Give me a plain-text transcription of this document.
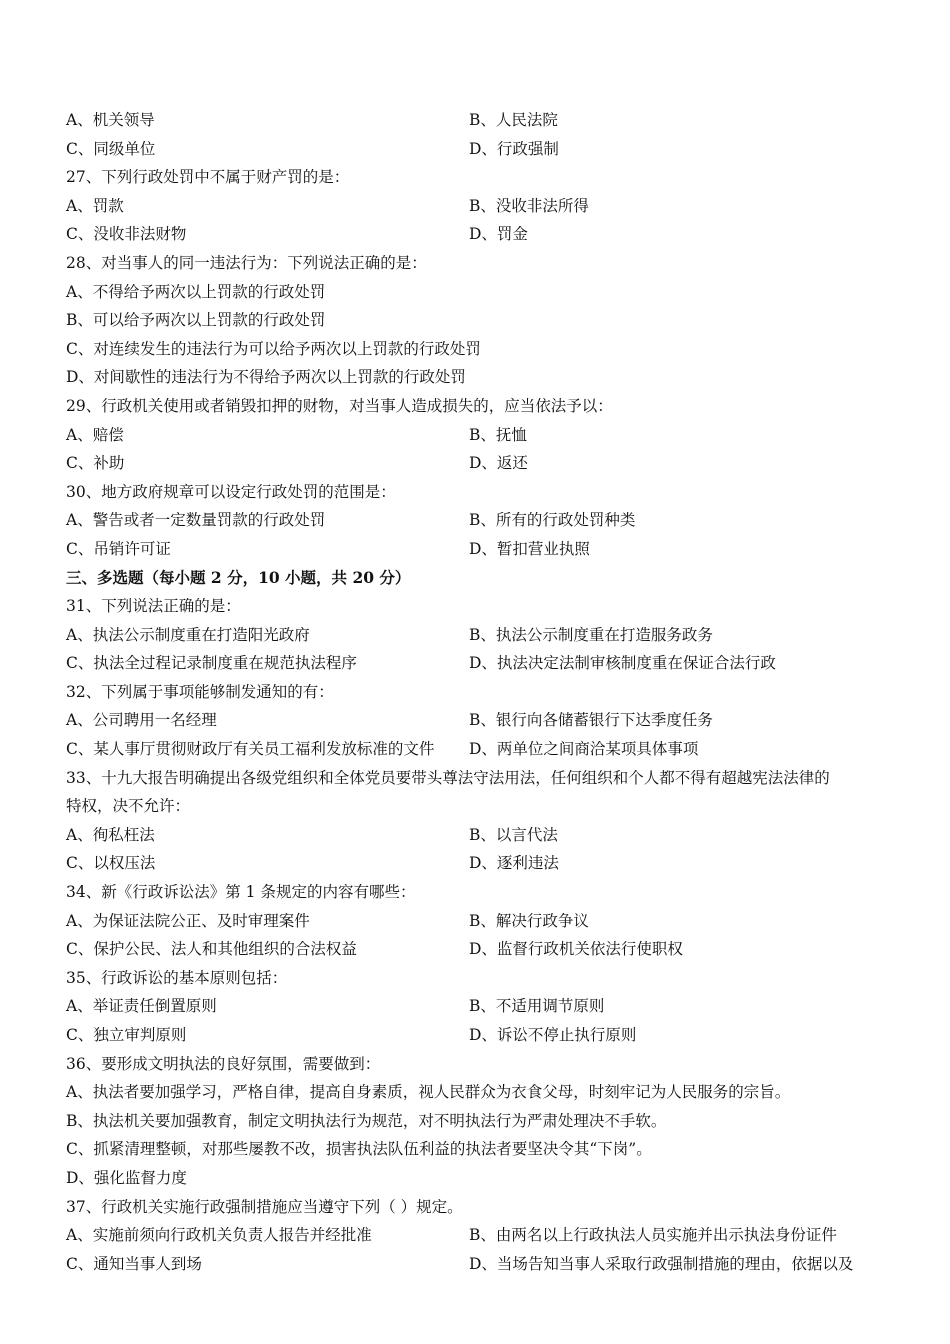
A、机关领导	B、人民法院
C、同级单位	D、行政强制
27、下列行政处罚中不属于财产罚的是：
A、罚款	B、没收非法所得
C、没收非法财物	D、罚金
28、对当事人的同一违法行为：下列说法正确的是：
A、不得给予两次以上罚款的行政处罚
B、可以给予两次以上罚款的行政处罚
C、对连续发生的违法行为可以给予两次以上罚款的行政处罚
D、对间歇性的违法行为不得给予两次以上罚款的行政处罚
29、行政机关使用或者销毁扣押的财物，对当事人造成损失的，应当依法予以：
A、赔偿	B、抚恤
C、补助	D、返还
30、地方政府规章可以设定行政处罚的范围是：
A、警告或者一定数量罚款的行政处罚	B、所有的行政处罚种类
C、吊销许可证	D、暂扣营业执照
三、多选题（每小题 2 分，10 小题，共 20 分）
31、下列说法正确的是：
A、执法公示制度重在打造阳光政府	B、执法公示制度重在打造服务政务
C、执法全过程记录制度重在规范执法程序	D、执法决定法制审核制度重在保证合法行政
32、下列属于事项能够制发通知的有：
A、公司聘用一名经理	B、银行向各储蓄银行下达季度任务
C、某人事厅贯彻财政厅有关员工福利发放标准的文件	D、两单位之间商洽某项具体事项
33、十九大报告明确提出各级党组织和全体党员要带头尊法守法用法，任何组织和个人都不得有超越宪法法律的
特权，决不允许：
A、徇私枉法	B、以言代法
C、以权压法	D、逐利违法
34、新《行政诉讼法》第 1 条规定的内容有哪些：
A、为保证法院公正、及时审理案件	B、解决行政争议
C、保护公民、法人和其他组织的合法权益	D、监督行政机关依法行使职权
35、行政诉讼的基本原则包括：
A、举证责任倒置原则	B、不适用调节原则
C、独立审判原则	D、诉讼不停止执行原则
36、要形成文明执法的良好氛围，需要做到：
A、执法者要加强学习，严格自律，提高自身素质，视人民群众为衣食父母，时刻牢记为人民服务的宗旨。
B、执法机关要加强教育，制定文明执法行为规范，对不明执法行为严肃处理决不手软。
C、抓紧清理整顿，对那些屡教不改，损害执法队伍利益的执法者要坚决令其“下岗”。
D、强化监督力度
37、行政机关实施行政强制措施应当遵守下列（ ）规定。
A、实施前须向行政机关负责人报告并经批准	B、由两名以上行政执法人员实施并出示执法身份证件
C、通知当事人到场	D、当场告知当事人采取行政强制措施的理由，依据以及
